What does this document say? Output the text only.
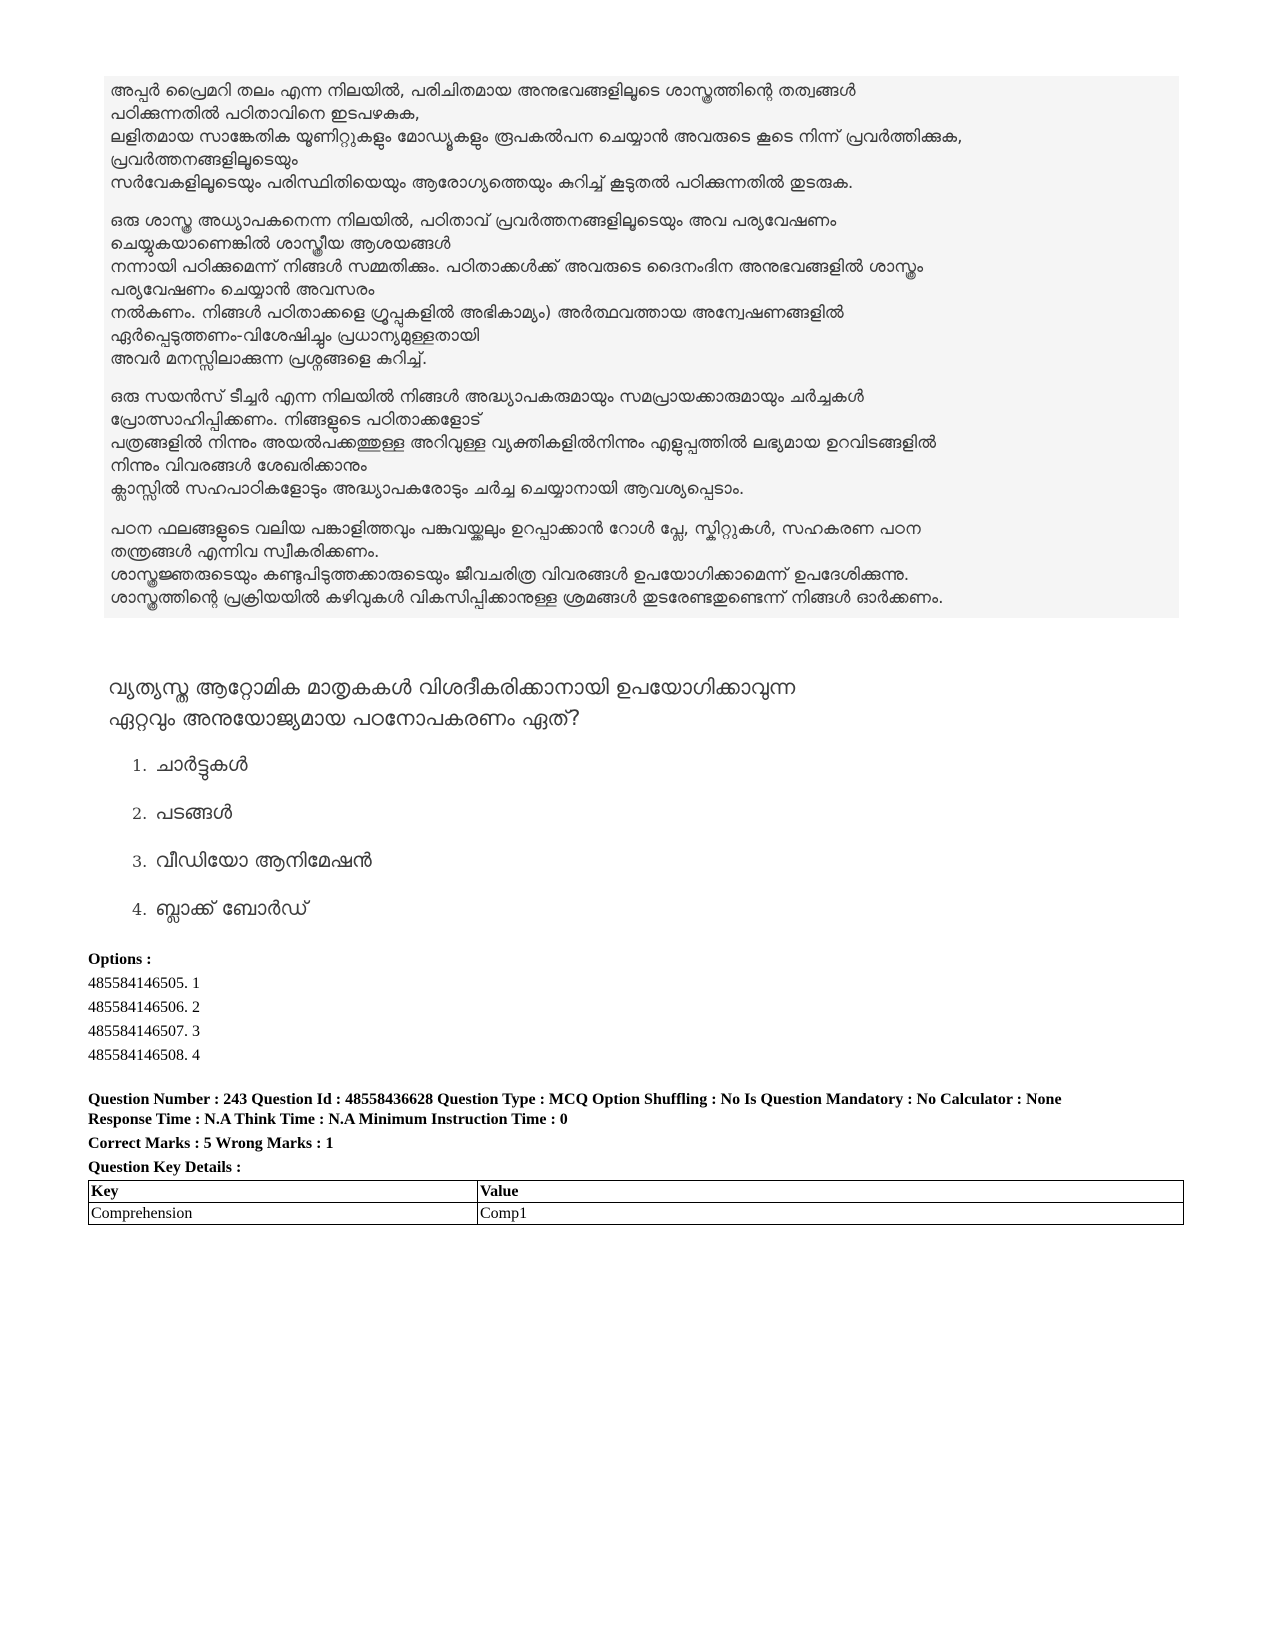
അപ്പർ പ്രൈമറി തലം എന്ന നിലയിൽ, പരിചിതമായ അനുഭവങ്ങളിലൂടെ ശാസ്ത്രത്തിന്റെ തത്വങ്ങൾ

പഠിക്കുന്നതിൽ പഠിതാവിനെ ഇടപഴകുക,

ലളിതമായ സാങ്കേതിക യൂണിറ്റുകളും മോഡ്യൂകളും രൂപകൽപന ചെയ്യാൻ അവരുടെ കൂടെ നിന്ന് പ്രവർത്തിക്കുക,

പ്രവർത്തനങ്ങളിലൂടെയും

സർവേകളിലൂടെയും പരിസ്ഥിതിയെയും ആരോഗ്യത്തെയും കുറിച്ച് കൂടുതൽ പഠിക്കുന്നതിൽ തുടരുക.

ഒരു ശാസ്ത്ര അധ്യാപകനെന്ന നിലയിൽ, പഠിതാവ് പ്രവർത്തനങ്ങളിലൂടെയും അവ പര്യവേഷണം

ചെയ്യുകയാണെങ്കിൽ ശാസ്ത്രീയ ആശയങ്ങൾ

നന്നായി പഠിക്കുമെന്ന് നിങ്ങൾ സമ്മതിക്കും. പഠിതാക്കൾക്ക് അവരുടെ ദൈനംദിന അനുഭവങ്ങളിൽ ശാസ്ത്രം

പര്യവേഷണം ചെയ്യാൻ അവസരം

നൽകണം. നിങ്ങൾ പഠിതാക്കളെ ഗ്രൂപ്പുകളിൽ അഭികാമ്യം) അർത്ഥവത്തായ അന്വേഷണങ്ങളിൽ

ഏർപ്പെടുത്തണം-വിശേഷിച്ചും പ്രധാന്യമുള്ളതായി

അവർ മനസ്സിലാക്കുന്ന പ്രശ്നങ്ങളെ കുറിച്ച്.

ഒരു സയൻസ് ടീച്ചർ എന്ന നിലയിൽ നിങ്ങൾ അദ്ധ്യാപകരുമായും സമപ്രായക്കാരുമായും ചർച്ചകൾ

പ്രോത്സാഹിപ്പിക്കണം. നിങ്ങളുടെ പഠിതാക്കളോട്

പത്രങ്ങളിൽ നിന്നും അയൽപക്കത്തുള്ള അറിവുള്ള വ്യക്തികളിൽനിന്നും എളുപ്പത്തിൽ ലഭ്യമായ ഉറവിടങ്ങളിൽ

നിന്നും വിവരങ്ങൾ ശേഖരിക്കാനും

ക്ലാസ്സിൽ സഹപാഠികളോടും അദ്ധ്യാപകരോടും ചർച്ച ചെയ്യാനായി ആവശ്യപ്പെടാം.

പഠന ഫലങ്ങളുടെ വലിയ പങ്കാളിത്തവും പങ്കുവയ്ക്കലും ഉറപ്പാക്കാൻ റോൾ പ്ലേ, സ്കിറ്റുകൾ, സഹകരണ പഠന

തന്ത്രങ്ങൾ എന്നിവ സ്വീകരിക്കണം.

ശാസ്ത്രജ്ഞരുടെയും കണ്ടുപിടുത്തക്കാരുടെയും ജീവചരിത്ര വിവരങ്ങൾ ഉപയോഗിക്കാമെന്ന് ഉപദേശിക്കുന്നു.

ശാസ്ത്രത്തിന്റെ പ്രക്രിയയിൽ കഴിവുകൾ വികസിപ്പിക്കാനുള്ള ശ്രമങ്ങൾ തുടരേണ്ടതുണ്ടെന്ന് നിങ്ങൾ ഓർക്കണം.

വ്യത്യസ്ത ആറ്റോമിക മാതൃകകൾ വിശദീകരിക്കാനായി ഉപയോഗിക്കാവുന്ന
ഏറ്റവും അനുയോജ്യമായ പഠനോപകരണം ഏത്?

1. ചാർട്ടുകൾ

2. പടങ്ങൾ

3. വീഡിയോ ആനിമേഷൻ

4. ബ്ലാക്ക് ബോർഡ്

Options :

485584146505. 1

485584146506. 2

485584146507. 3

485584146508. 4

Question Number : 243 Question Id : 48558436628 Question Type : MCQ Option Shuffling : No Is Question Mandatory : No Calculator : None

Response Time : N.A Think Time : N.A Minimum Instruction Time : 0

Correct Marks : 5 Wrong Marks : 1

Question Key Details :

Key	Value
Comprehension	Comp1
